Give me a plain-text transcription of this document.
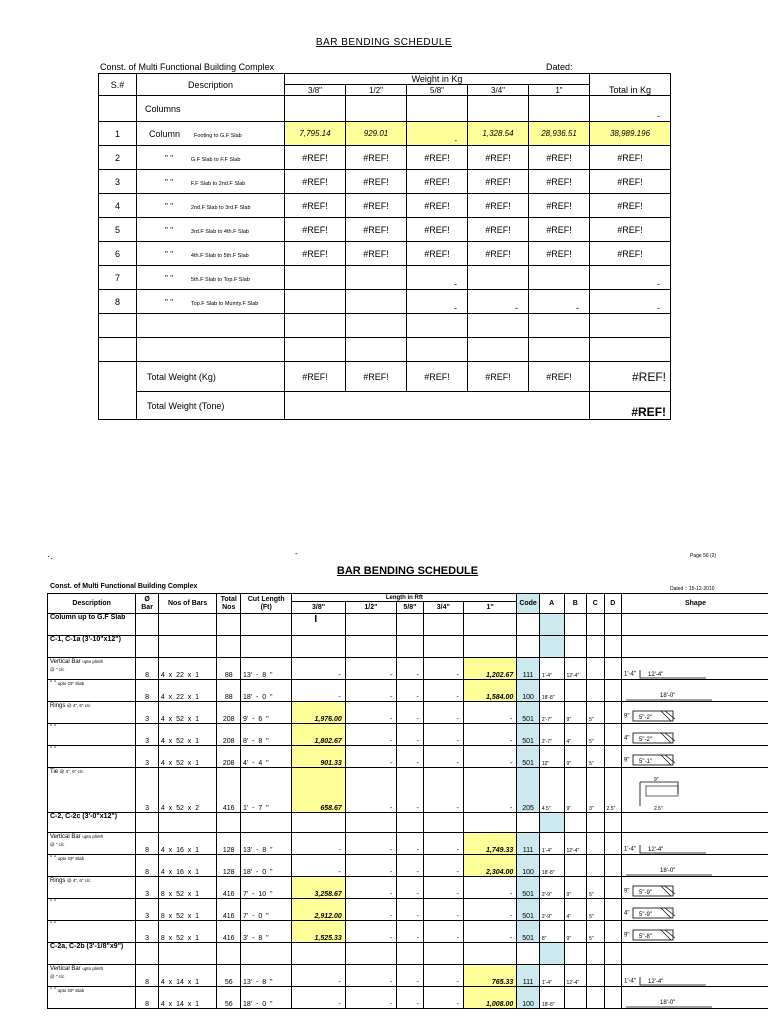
BAR BENDING SCHEDULE
Const. of Multi Functional Building Complex	Dated:
S.#	Description	Weight in Kg					Total in Kg
		3/8"	1/2"	5/8"	3/4"	1"	
	Columns						-
1	Column Footing to G.F Slab	7,795.14	929.01	-	1,328.54	28,936.51	38,989.196
2	" " G.F Slab to F.F Slab	#REF!	#REF!	#REF!	#REF!	#REF!	#REF!
3	" " F.F Slab to 2nd.F Slab	#REF!	#REF!	#REF!	#REF!	#REF!	#REF!
4	" " 2nd.F Slab to 3rd.F Slab	#REF!	#REF!	#REF!	#REF!	#REF!	#REF!
5	" " 3rd.F Slab to 4th.F Slab	#REF!	#REF!	#REF!	#REF!	#REF!	#REF!
6	" " 4th.F Slab to 5th.F Slab	#REF!	#REF!	#REF!	#REF!	#REF!	#REF!
7	" " 5th.F Slab to Top.F Slab			-			-
8	" " Top.F Slab to Mumty.F Slab			-	-	-	-

	Total Weight (Kg)	#REF!	#REF!	#REF!	#REF!	#REF!	#REF!
	Total Weight (Tone)						#REF!
·.	-	Page 56 (2)
BAR BENDING SCHEDULE
Const. of Multi Functional Building Complex	Dated :: 15-12-2010
Description	Ø Bar	Nos of Bars	Total Nos	Cut Length (Ft)	Length in Rft					Code	A	B	C	D	Shape
					3/8"	1/2"	5/8"	3/4"	1"						
Column up to G.F Slab					I										
C-1, C-1a (3'-10"x12")															
Vertical Bar upto plinth
@ " c/c	8	4  x  22  x  1	88	13'  -  8  "	-	-	-	-	1,202.67	111	1'-4"	12'-4"			1'-4" 12'-4"

" " upto GF Slab	8	4  x  22  x  1	88	18'  -  0  "	-	-	-	-	1,584.00	100	18'-8"				18'-0"

Rings @ 4", 6" c/c	3	4  x  52  x  1	208	9'  -  6  "	1,976.00	-	-	-	-	501	2'-7"	9"	5"		9" 5"-2"

" "	3	4  x  52  x  1	208	8'  -  8  "	1,802.67	-	-	-	-	501	2'-7"	4"	5"		4" 5"-2"

" "	3	4  x  52  x  1	208	4'  -  4  "	901.33	-	-	-	-	501	12"	9"	5"		9" 5"-1"

Tie @ 4", 6" c/c	3	4  x  52  x  2	416	1'  -  7  "	658.67	-	-	-	-	205	4.5"	9"	3"	2.5"	9"
2.5"

C-2, C-2c (3'-0"x12")															
Vertical Bar upto plinth
@ " c/c	8	4  x  16  x  1	128	13'  -  8  "	-	-	-	-	1,749.33	111	1'-4"	12'-4"			1'-4" 12'-4"

" " upto GF Slab	8	4  x  16  x  1	128	18'  -  0  "	-	-	-	-	2,304.00	100	18'-8"				18'-0"

Rings @ 4", 6" c/c	3	8  x  52  x  1	416	7'  -  10  "	3,258.67	-	-	-	-	501	2'-9"	9"	5"		9" 5"-9"

" "	3	8  x  52  x  1	416	7'  -  0  "	2,912.00	-	-	-	-	501	2'-9"	4"	5"		4" 5"-9"

" "	3	8  x  52  x  1	416	3'  -  8  "	1,525.33	-	-	-	-	501	8"	9"	5"		9" 5"-8"

C-2a, C-2b (3'-1/8"x9")															
Vertical Bar upto plinth
@ " c/c	8	4  x  14  x  1	56	13'  -  8  "	-	-	-	-	765.33	111	1'-4"	12'-4"			1'-4" 12'-4"

" " upto GF Slab	8	4  x  14  x  1	56	18'  -  0  "	-	-	-	-	1,008.00	100	18'-8"				18'-0"
